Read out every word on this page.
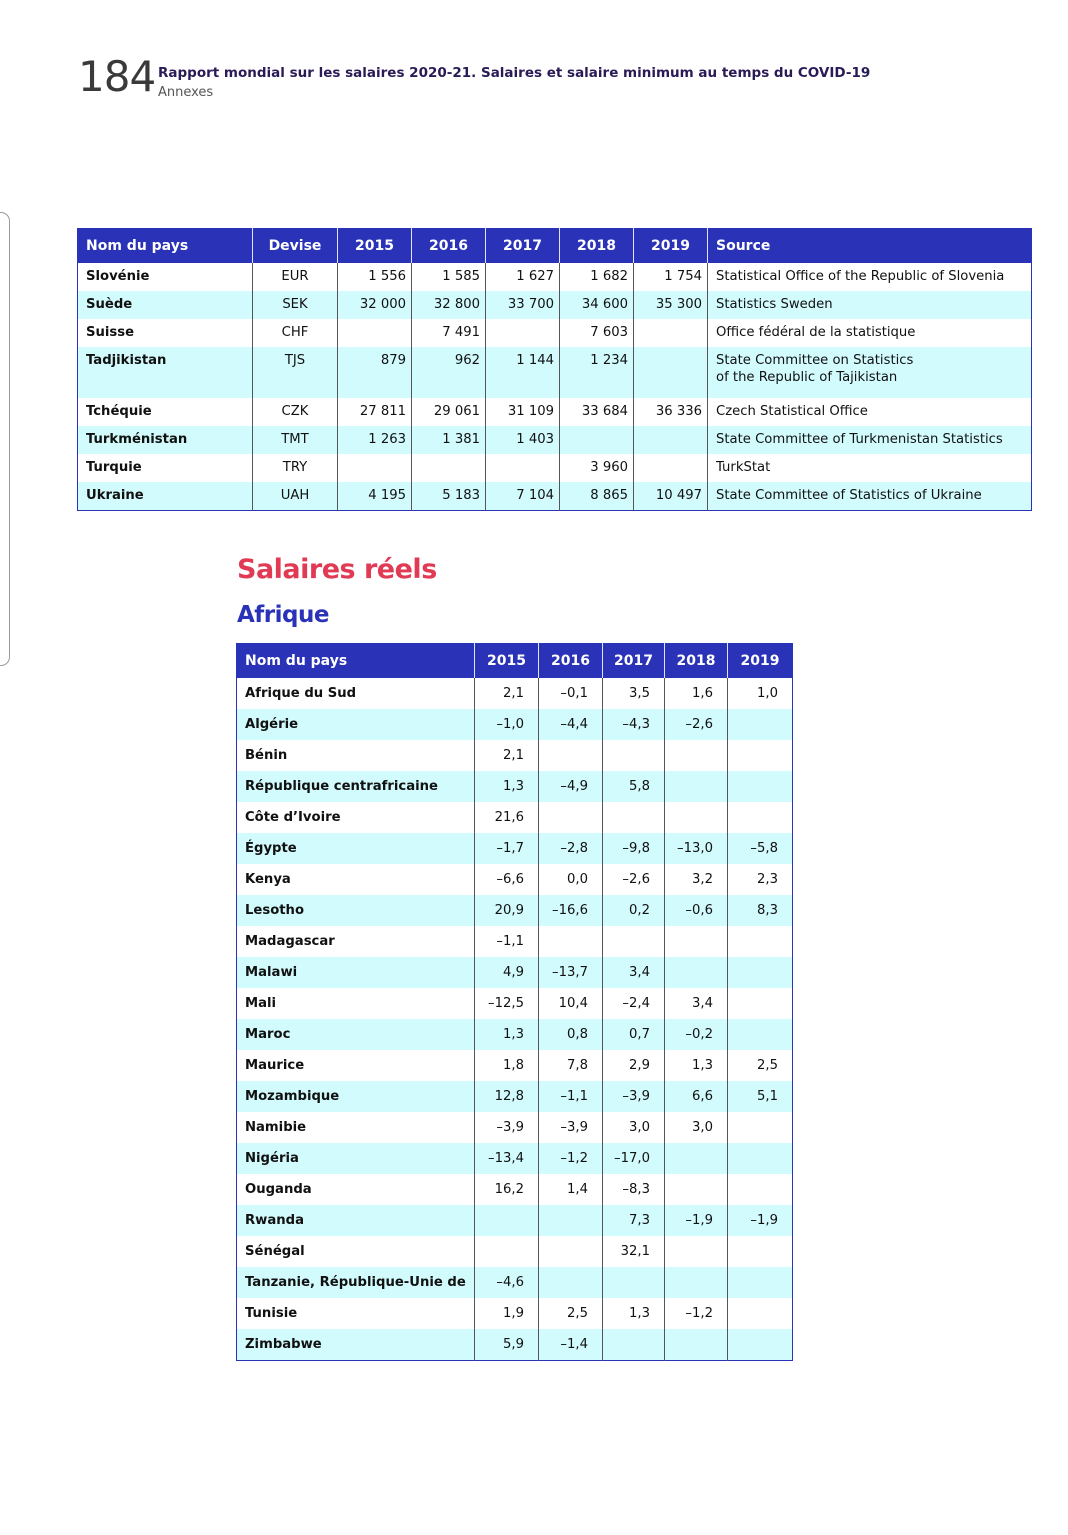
184 Rapport mondial sur les salaires 2020-21. Salaires et salaire minimum au temps du COVID-19
Annexes
Nom du pays	Devise	2015	2016	2017	2018	2019	Source
Slovénie	EUR	1 556	1 585	1 627	1 682	1 754	Statistical Office of the Republic of Slovenia
Suède	SEK	32 000	32 800	33 700	34 600	35 300	Statistics Sweden
Suisse	CHF		7 491		7 603		Office fédéral de la statistique
Tadjikistan	TJS	879	962	1 144	1 234		State Committee on Statistics
of the Republic of Tajikistan
Tchéquie	CZK	27 811	29 061	31 109	33 684	36 336	Czech Statistical Office
Turkménistan	TMT	1 263	1 381	1 403			State Committee of Turkmenistan Statistics
Turquie	TRY				3 960		TurkStat
Ukraine	UAH	4 195	5 183	7 104	8 865	10 497	State Committee of Statistics of Ukraine
Salaires réels
Afrique
Nom du pays	2015	2016	2017	2018	2019
Afrique du Sud	2,1	–0,1	3,5	1,6	1,0
Algérie	–1,0	–4,4	–4,3	–2,6	
Bénin	2,1				
République centrafricaine	1,3	–4,9	5,8		
Côte d’Ivoire	21,6				
Égypte	–1,7	–2,8	–9,8	–13,0	–5,8
Kenya	–6,6	0,0	–2,6	3,2	2,3
Lesotho	20,9	–16,6	0,2	–0,6	8,3
Madagascar	–1,1				
Malawi	4,9	–13,7	3,4		
Mali	–12,5	10,4	–2,4	3,4	
Maroc	1,3	0,8	0,7	–0,2	
Maurice	1,8	7,8	2,9	1,3	2,5
Mozambique	12,8	–1,1	–3,9	6,6	5,1
Namibie	–3,9	–3,9	3,0	3,0	
Nigéria	–13,4	–1,2	–17,0		
Ouganda	16,2	1,4	–8,3		
Rwanda			7,3	–1,9	–1,9
Sénégal			32,1		
Tanzanie, République-Unie de	–4,6				
Tunisie	1,9	2,5	1,3	–1,2	
Zimbabwe	5,9	–1,4			
